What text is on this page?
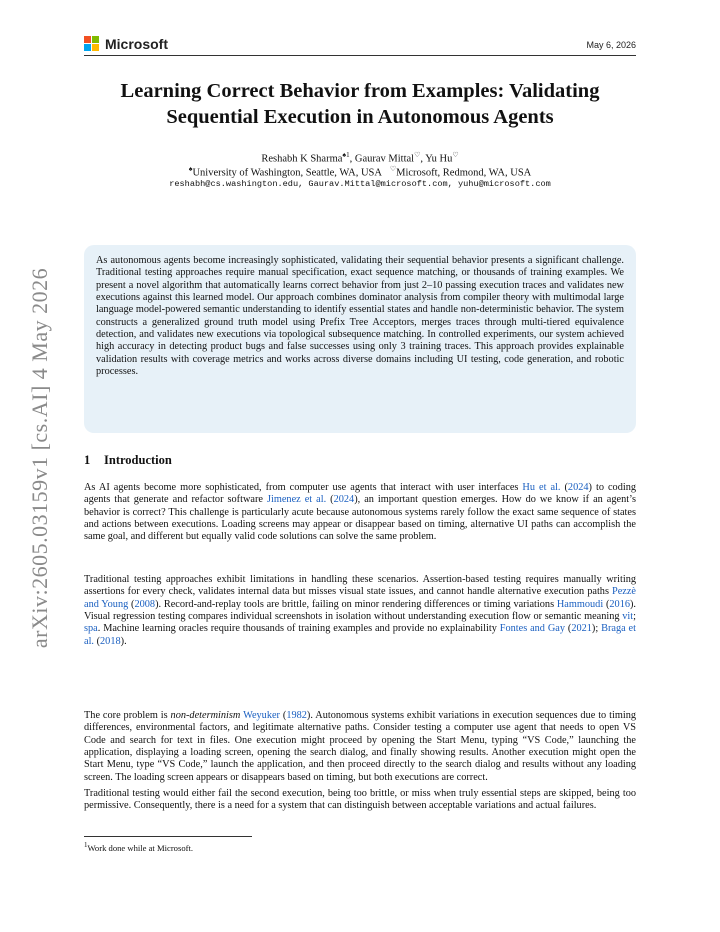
Microsoft	May 6, 2026
arXiv:2605.03159v1 [cs.AI] 4 May 2026
Learning Correct Behavior from Examples: Validating Sequential Execution in Autonomous Agents
Reshabh K Sharma$^{♠1}$, Gaurav Mittal♡, Yu Hu♡
♠University of Washington, Seattle, WA, USA ♡Microsoft, Redmond, WA, USA
reshabh@cs.washington.edu, Gaurav.Mittal@microsoft.com, yuhu@microsoft.com
As autonomous agents become increasingly sophisticated, validating their sequential behavior presents a significant challenge. Traditional testing approaches require manual specification, exact sequence matching, or thousands of training examples. We present a novel algorithm that automatically learns correct behavior from just 2–10 passing execution traces and validates new executions against this learned model. Our approach combines dominator analysis from compiler theory with multimodal large language model-powered semantic understanding to identify essential states and handle non-deterministic behavior. The system constructs a generalized ground truth model using Prefix Tree Acceptors, merges traces through multi-tiered equivalence detection, and validates new executions via topological subsequence matching. In controlled experiments, our system achieved high accuracy in detecting product bugs and false successes using only 3 training traces. This approach provides explainable validation results with coverage metrics and works across diverse domains including UI testing, code generation, and robotic processes.
1 Introduction

As AI agents become more sophisticated, from computer use agents that interact with user interfaces Hu et al. (2024) to coding agents that generate and refactor software Jimenez et al. (2024), an important question emerges. How do we know if an agent’s behavior is correct? This challenge is particularly acute because autonomous systems rarely follow the exact same sequence of states and actions between executions. Loading screens may appear or disappear based on timing, alternative UI paths can accomplish the same goal, and different but equally valid code solutions can solve the same problem.

Traditional testing approaches exhibit limitations in handling these scenarios. Assertion-based testing requires manually writing assertions for every check, validates internal data but misses visual state issues, and cannot handle alternative execution paths Pezzè and Young (2008). Record-and-replay tools are brittle, failing on minor rendering differences or timing variations Hammoudi (2016). Visual regression testing compares individual screenshots in isolation without understanding execution flow or semantic meaning vit; spa. Machine learning oracles require thousands of training examples and provide no explainability Fontes and Gay (2021); Braga et al. (2018).

The core problem is non-determinism Weyuker (1982). Autonomous systems exhibit variations in execution sequences due to timing differences, environmental factors, and legitimate alternative paths. Consider testing a computer use agent that needs to open VS Code and search for text in files. One execution might proceed by opening the Start Menu, typing “VS Code,” launching the application, displaying a loading screen, opening the search dialog, and finally showing results. Another execution might open the Start Menu, type “VS Code,” launch the application, and then proceed directly to the search dialog and results without any loading screen. The loading screen appears or disappears based on timing, but both executions are correct.

Traditional testing would either fail the second execution, being too brittle, or miss when truly essential steps are skipped, being too permissive. Consequently, there is a need for a system that can distinguish between acceptable variations and actual failures.

$^1$Work done while at Microsoft.
